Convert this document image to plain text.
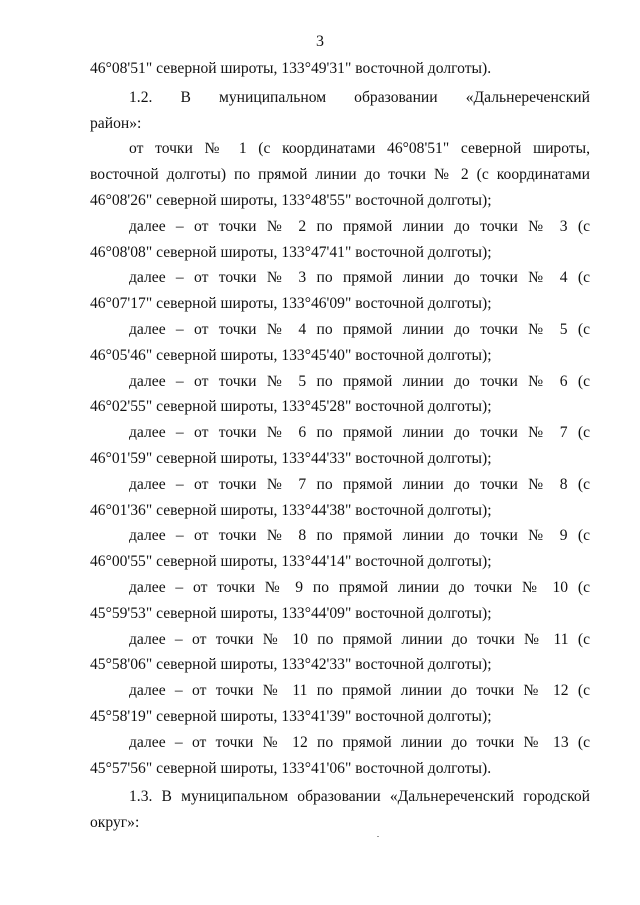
3
46°08'51" северной широты, 133°49'31" восточной долготы).
1.2. В муниципальном образовании «Дальнереченский
район»:
от точки № 1 (с координатами 46°08'51" северной широты,
восточной долготы) по прямой линии до точки № 2 (с координатами
46°08'26" северной широты, 133°48'55" восточной долготы);
далее – от точки № 2 по прямой линии до точки № 3 (с
46°08'08" северной широты, 133°47'41" восточной долготы);
далее – от точки № 3 по прямой линии до точки № 4 (с
46°07'17" северной широты, 133°46'09" восточной долготы);
далее – от точки № 4 по прямой линии до точки № 5 (с
46°05'46" северной широты, 133°45'40" восточной долготы);
далее – от точки № 5 по прямой линии до точки № 6 (с
46°02'55" северной широты, 133°45'28" восточной долготы);
далее – от точки № 6 по прямой линии до точки № 7 (с
46°01'59" северной широты, 133°44'33" восточной долготы);
далее – от точки № 7 по прямой линии до точки № 8 (с
46°01'36" северной широты, 133°44'38" восточной долготы);
далее – от точки № 8 по прямой линии до точки № 9 (с
46°00'55" северной широты, 133°44'14" восточной долготы);
далее – от точки № 9 по прямой линии до точки № 10 (с
45°59'53" северной широты, 133°44'09" восточной долготы);
далее – от точки № 10 по прямой линии до точки № 11 (с
45°58'06" северной широты, 133°42'33" восточной долготы);
далее – от точки № 11 по прямой линии до точки № 12 (с
45°58'19" северной широты, 133°41'39" восточной долготы);
далее – от точки № 12 по прямой линии до точки № 13 (с
45°57'56" северной широты, 133°41'06" восточной долготы).
1.3. В муниципальном образовании «Дальнереченский городской
округ»:
